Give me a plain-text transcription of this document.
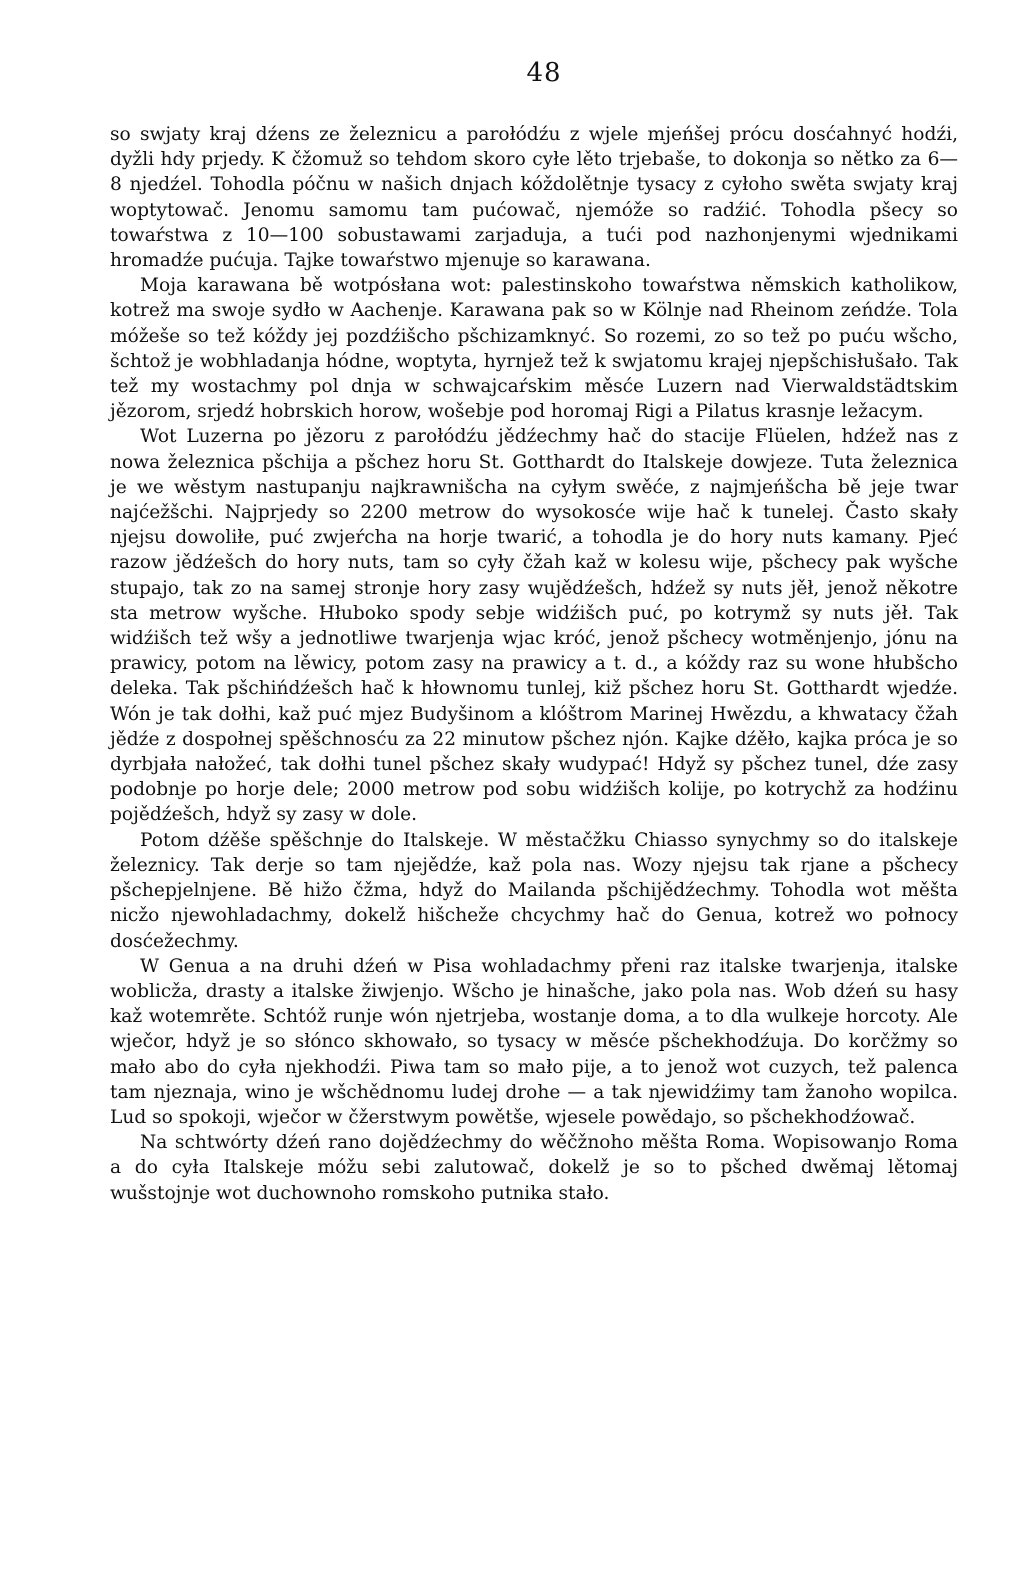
48

so swjaty kraj dźens ze železnicu a parołódźu z wjele mjeńšej prócu dosćahnyć hodźi, dyžli hdy prjedy. K čžomuž so tehdom skoro cyłe lěto trjebaše, to dokonja so nětko za 6—8 njedźel. Tohodla póčnu w našich dnjach kóždolětnje tysacy z cyłoho swěta swjaty kraj woptytowač. Jenomu samomu tam pućowač, njemóže so radźić. Tohodla pšecy so towaŕstwa z 10—100 sobustawami zarjaduja, a tući pod nazhonjenymi wjednikami hromadźe pućuja. Tajke towaŕstwo mjenuje so karawana.

Moja karawana bě wotpósłana wot: palestinskoho towaŕstwa němskich katholikow, kotrež ma swoje sydło w Aachenje. Karawana pak so w Kölnje nad Rheinom zeńdźe. Tola móžeše so tež kóždy jej pozdźišcho pšchizamknyć. So rozemi, zo so tež po puću wšcho, šchtož je wobhladanja hódne, woptyta, hyrnjež tež k swjatomu krajej njepšchisłušało. Tak tež my wostachmy pol dnja w schwajcaŕskim měsće Luzern nad Vierwaldstädtskim jězorom, srjedź hobrskich horow, wošebje pod horomaj Rigi a Pilatus krasnje ležacym.

Wot Luzerna po jězoru z parołódźu jědźechmy hač do stacije Flüelen, hdźež nas z nowa železnica pšchija a pšchez horu St. Gotthardt do Italskeje dowjeze. Tuta železnica je we wěstym nastupanju najkrawnišcha na cyłym swěće, z najmjeńšcha bě jeje twar najćežšchi. Najprjedy so 2200 metrow do wysokosće wije hač k tunelej. Často skały njejsu dowoliłe, puć zwjeŕcha na horje twarić, a tohodla je do hory nuts kamany. Pjeć razow jědźešch do hory nuts, tam so cyły čžah kaž w kolesu wije, pšchecy pak wyšche stupajo, tak zo na samej stronje hory zasy wujědźešch, hdźež sy nuts jěł, jenož někotre sta metrow wyšche. Hłuboko spody sebje widźišch puć, po kotrymž sy nuts jěł. Tak widźišch tež wšy a jednotliwe twarjenja wjac króć, jenož pšchecy wotměnjenjo, jónu na prawicy, potom na lěwicy, potom zasy na prawicy a t. d., a kóždy raz su wone hłubšcho deleka. Tak pšchińdźešch hač k hłownomu tunlej, kiž pšchez horu St. Gotthardt wjedźe. Wón je tak dołhi, kaž puć mjez Budyšinom a klóštrom Marinej Hwězdu, a khwatacy čžah jědźe z dospołnej spěšchnosću za 22 minutow pšchez njón. Kajke dźěło, kajka próca je so dyrbjała nałožeć, tak dołhi tunel pšchez skały wudypać! Hdyž sy pšchez tunel, dźe zasy podobnje po horje dele; 2000 metrow pod sobu widźišch kolije, po kotrychž za hodźinu pojědźešch, hdyž sy zasy w dole.

Potom dźěše spěšchnje do Italskeje. W městačžku Chiasso synychmy so do italskeje železnicy. Tak derje so tam njejědźe, kaž pola nas. Wozy njejsu tak rjane a pšchecy pšchepjelnjene. Bě hižo čžma, hdyž do Mailanda pšchijědźechmy. Tohodla wot měšta nicžo njewohladachmy, dokelž hišcheže chcychmy hač do Genua, kotrež wo połnocy dosćežechmy.

W Genua a na druhi dźeń w Pisa wohladachmy přeni raz italske twarjenja, italske woblicža, drasty a italske žiwjenjo. Wšcho je hinašche, jako pola nas. Wob dźeń su hasy kaž wotemrěte. Schtóž runje wón njetrjeba, wostanje doma, a to dla wulkeje horcoty. Ale wječor, hdyž je so słónco skhowało, so tysacy w měsće pšchekhodźuja. Do korčžmy so mało abo do cyła njekhodźi. Piwa tam so mało pije, a to jenož wot cuzych, tež palenca tam njeznaja, wino je wšchědnomu ludej drohe — a tak njewidźimy tam žanoho wopilca. Lud so spokoji, wječor w čžerstwym powětše, wjesele powědajo, so pšchekhodźowač.

Na schtwórty dźeń rano dojědźechmy do wěčžnoho měšta Roma. Wopisowanjo Roma a do cyła Italskeje móžu sebi zalutowač, dokelž je so to pšched dwěmaj lětomaj wušstojnje wot duchownoho romskoho putnika stało.
